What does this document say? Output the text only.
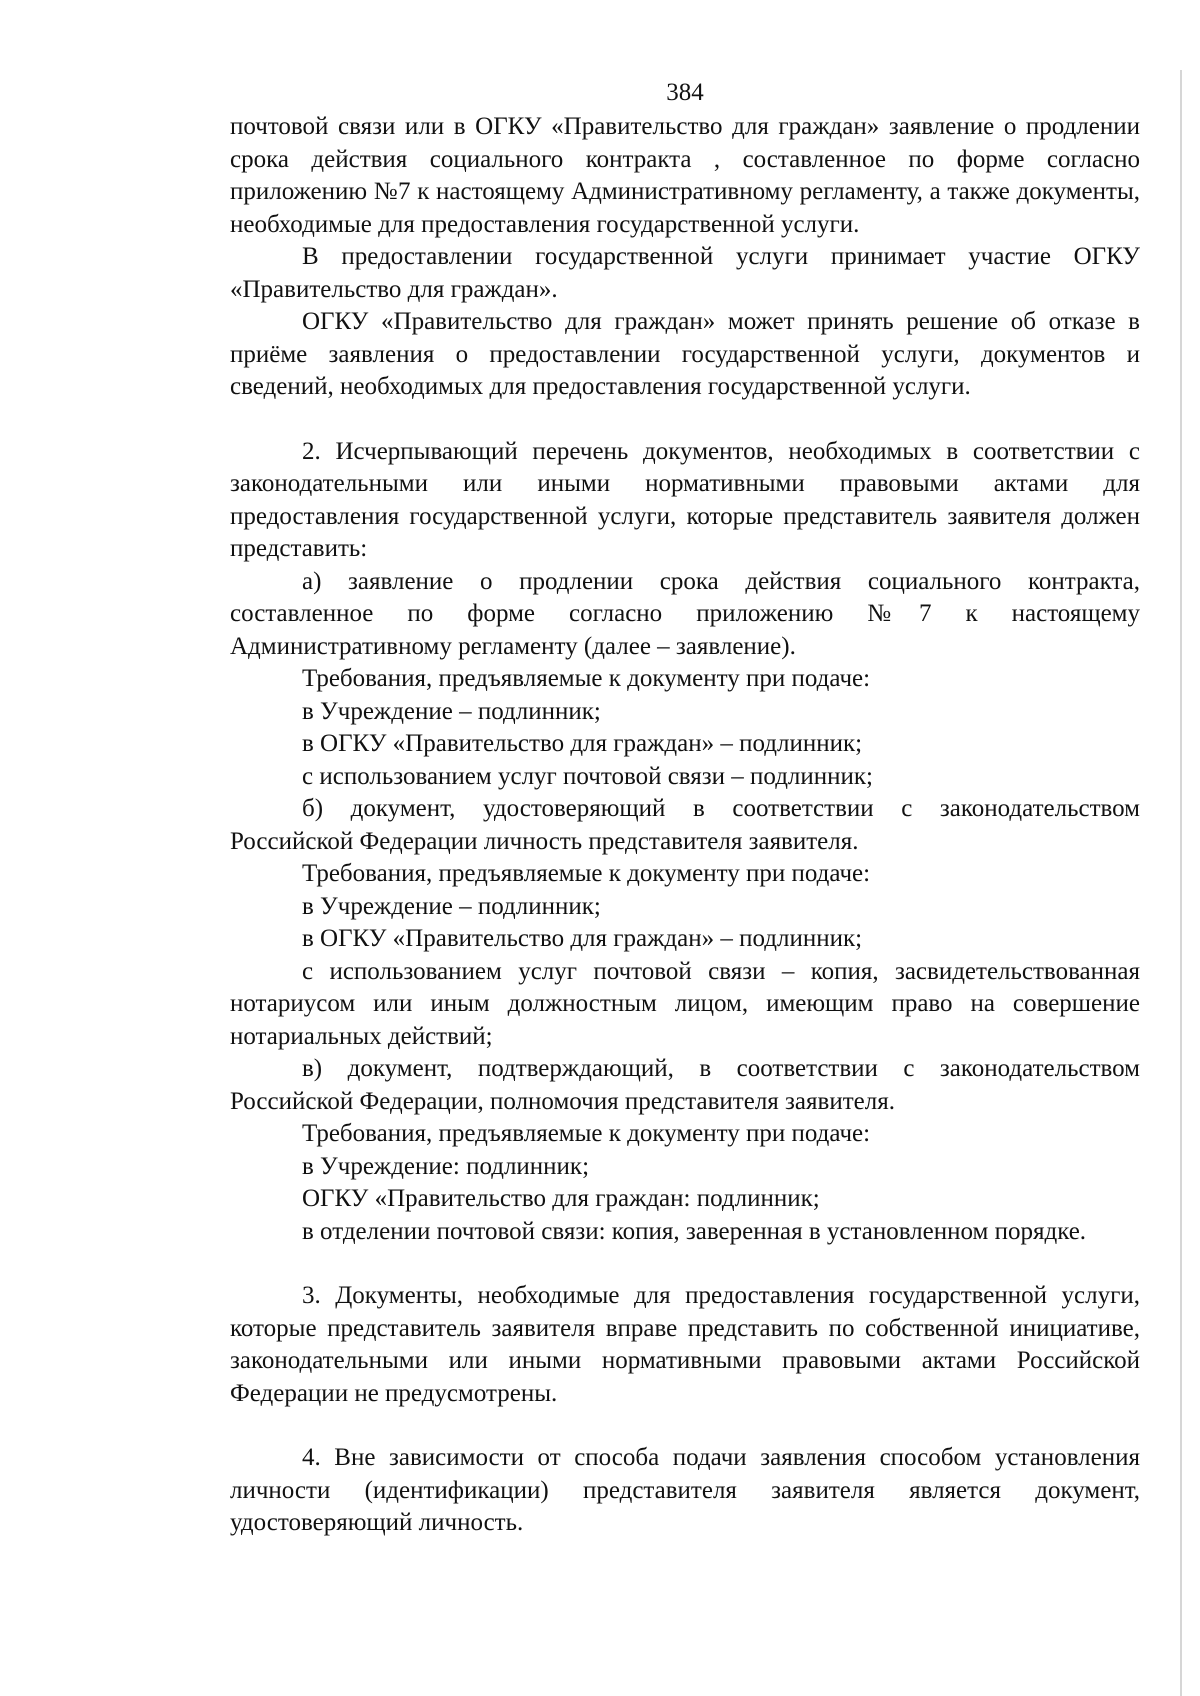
384

почтовой связи или в ОГКУ «Правительство для граждан» заявление о продлении срока действия социального контракта , составленное по форме согласно приложению №7 к настоящему Административному регламенту, а также документы, необходимые для предоставления государственной услуги.

В предоставлении государственной услуги принимает участие ОГКУ «Правительство для граждан».

ОГКУ «Правительство для граждан» может принять решение об отказе в приёме заявления о предоставлении государственной услуги, документов и сведений, необходимых для предоставления государственной услуги.

2. Исчерпывающий перечень документов, необходимых в соответствии с законодательными или иными нормативными правовыми актами для предоставления государственной услуги, которые представитель заявителя должен представить:

а) заявление о продлении срока действия социального контракта, составленное по форме согласно приложению №7 к настоящему Административному регламенту (далее – заявление).

Требования, предъявляемые к документу при подаче:

в Учреждение – подлинник;

в ОГКУ «Правительство для граждан» – подлинник;

с использованием услуг почтовой связи – подлинник;

б) документ, удостоверяющий в соответствии с законодательством Российской Федерации личность представителя заявителя.

Требования, предъявляемые к документу при подаче:

в Учреждение – подлинник;

в ОГКУ «Правительство для граждан» – подлинник;

с использованием услуг почтовой связи – копия, засвидетельствованная нотариусом или иным должностным лицом, имеющим право на совершение нотариальных действий;

в) документ, подтверждающий, в соответствии с законодательством Российской Федерации, полномочия представителя заявителя.

Требования, предъявляемые к документу при подаче:

в Учреждение: подлинник;

ОГКУ «Правительство для граждан: подлинник;

в отделении почтовой связи: копия, заверенная в установленном порядке.

3. Документы, необходимые для предоставления государственной услуги, которые представитель заявителя вправе представить по собственной инициативе, законодательными или иными нормативными правовыми актами Российской Федерации не предусмотрены.

4. Вне зависимости от способа подачи заявления способом установления личности (идентификации) представителя заявителя является документ, удостоверяющий личность.
